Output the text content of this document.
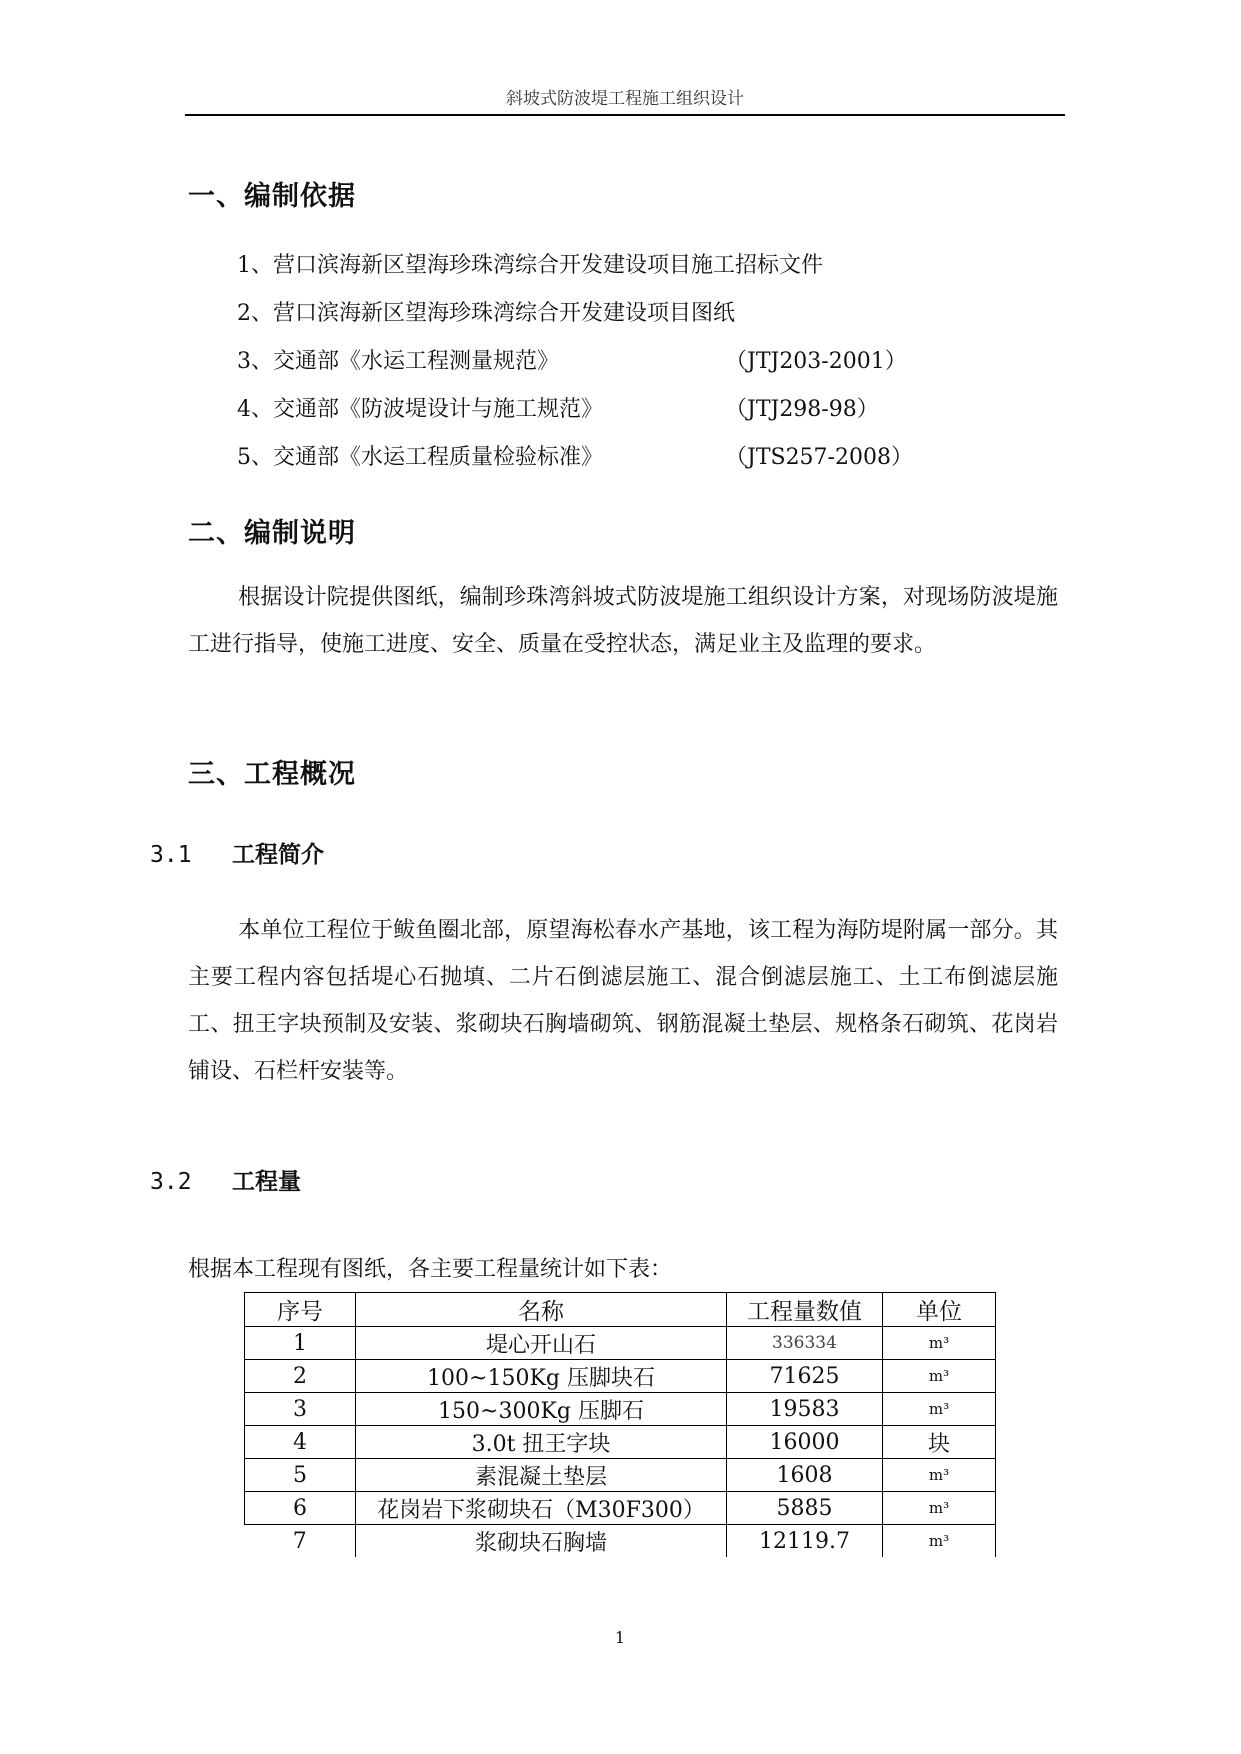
斜坡式防波堤工程施工组织设计
一、编制依据
1、营口滨海新区望海珍珠湾综合开发建设项目施工招标文件
2、营口滨海新区望海珍珠湾综合开发建设项目图纸
3、交通部《水运工程测量规范》	（JTJ203-2001）
4、交通部《防波堤设计与施工规范》	（JTJ298-98）
5、交通部《水运工程质量检验标准》	（JTS257-2008）
二、编制说明
根据设计院提供图纸，编制珍珠湾斜坡式防波堤施工组织设计方案，对现场防波堤施工进行指导，使施工进度、安全、质量在受控状态，满足业主及监理的要求。
三、工程概况
3.1 工程简介
本单位工程位于鲅鱼圈北部，原望海松春水产基地，该工程为海防堤附属一部分。其主要工程内容包括堤心石抛填、二片石倒滤层施工、混合倒滤层施工、土工布倒滤层施工、扭王字块预制及安装、浆砌块石胸墙砌筑、钢筋混凝土垫层、规格条石砌筑、花岗岩铺设、石栏杆安装等。
3.2 工程量
根据本工程现有图纸，各主要工程量统计如下表：
序号	名称	工程量数值	单位
1	堤心开山石	336334	m³
2	100~150Kg 压脚块石	71625	m³
3	150~300Kg 压脚石	19583	m³
4	3.0t 扭王字块	16000	块
5	素混凝土垫层	1608	m³
6	花岗岩下浆砌块石（M30F300）	5885	m³
7	浆砌块石胸墙	12119.7	m³
1
